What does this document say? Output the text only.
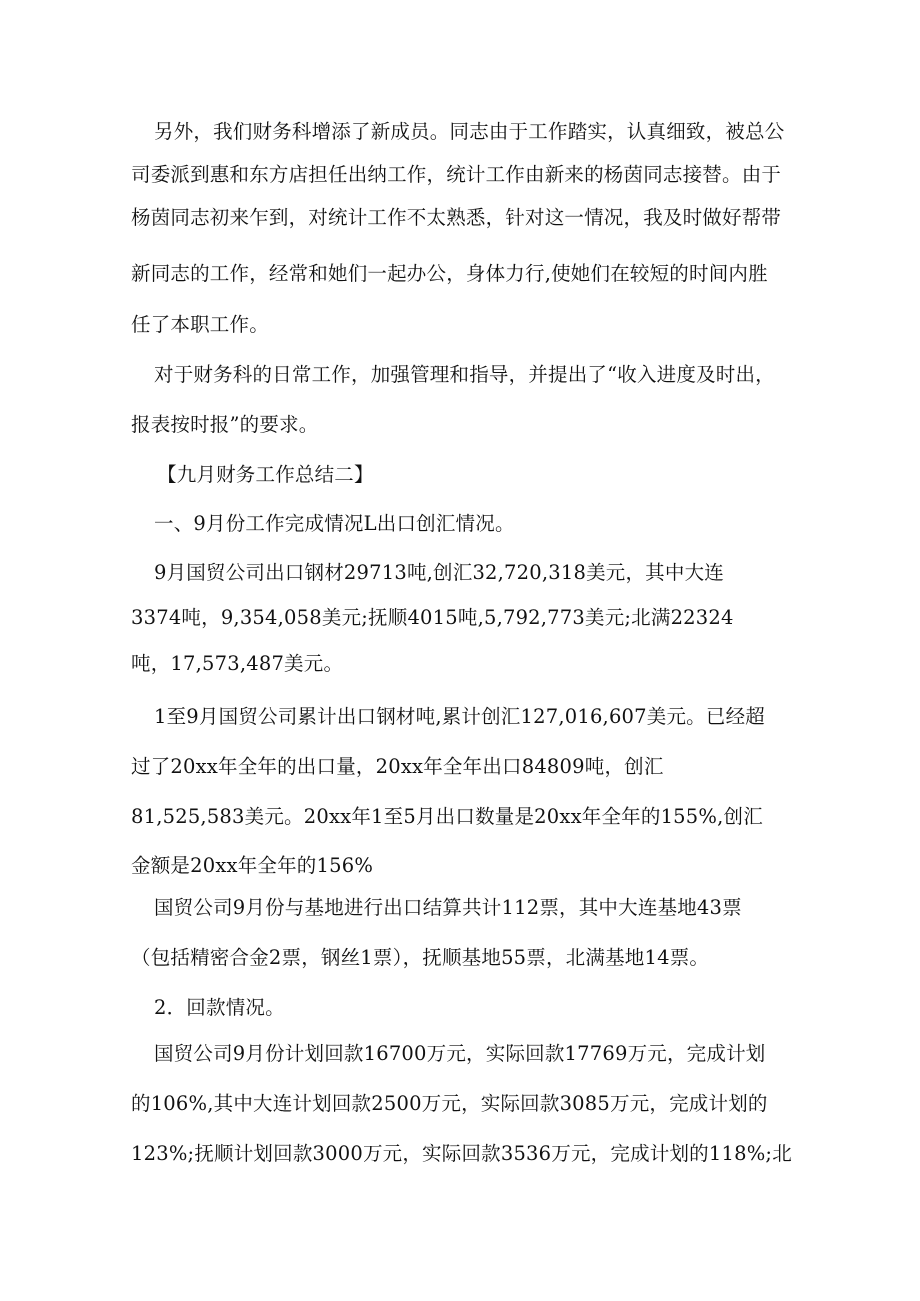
另外，我们财务科增添了新成员。同志由于工作踏实，认真细致，被总公
司委派到惠和东方店担任出纳工作，统计工作由新来的杨茵同志接替。由于
杨茵同志初来乍到，对统计工作不太熟悉，针对这一情况，我及时做好帮带
新同志的工作，经常和她们一起办公，身体力行,使她们在较短的时间内胜
任了本职工作。
对于财务科的日常工作，加强管理和指导，并提出了“收入进度及时出，
报表按时报”的要求。
【九月财务工作总结二】
一、9月份工作完成情况L出口创汇情况。
9月国贸公司出口钢材29713吨,创汇32,720,318美元，其中大连
3374吨，9,354,058美元;抚顺4015吨,5,792,773美元;北满22324
吨，17,573,487美元。
1至9月国贸公司累计出口钢材吨,累计创汇127,016,607美元。已经超
过了20xx年全年的出口量，20xx年全年出口84809吨，创汇
81,525,583美元。20xx年1至5月出口数量是20xx年全年的155%,创汇
金额是20xx年全年的156%
国贸公司9月份与基地进行出口结算共计112票，其中大连基地43票
（包括精密合金2票，钢丝1票），抚顺基地55票，北满基地14票。
2．回款情况。
国贸公司9月份计划回款16700万元，实际回款17769万元，完成计划
的106%,其中大连计划回款2500万元，实际回款3085万元，完成计划的
123%;抚顺计划回款3000万元，实际回款3536万元，完成计划的118%;北
